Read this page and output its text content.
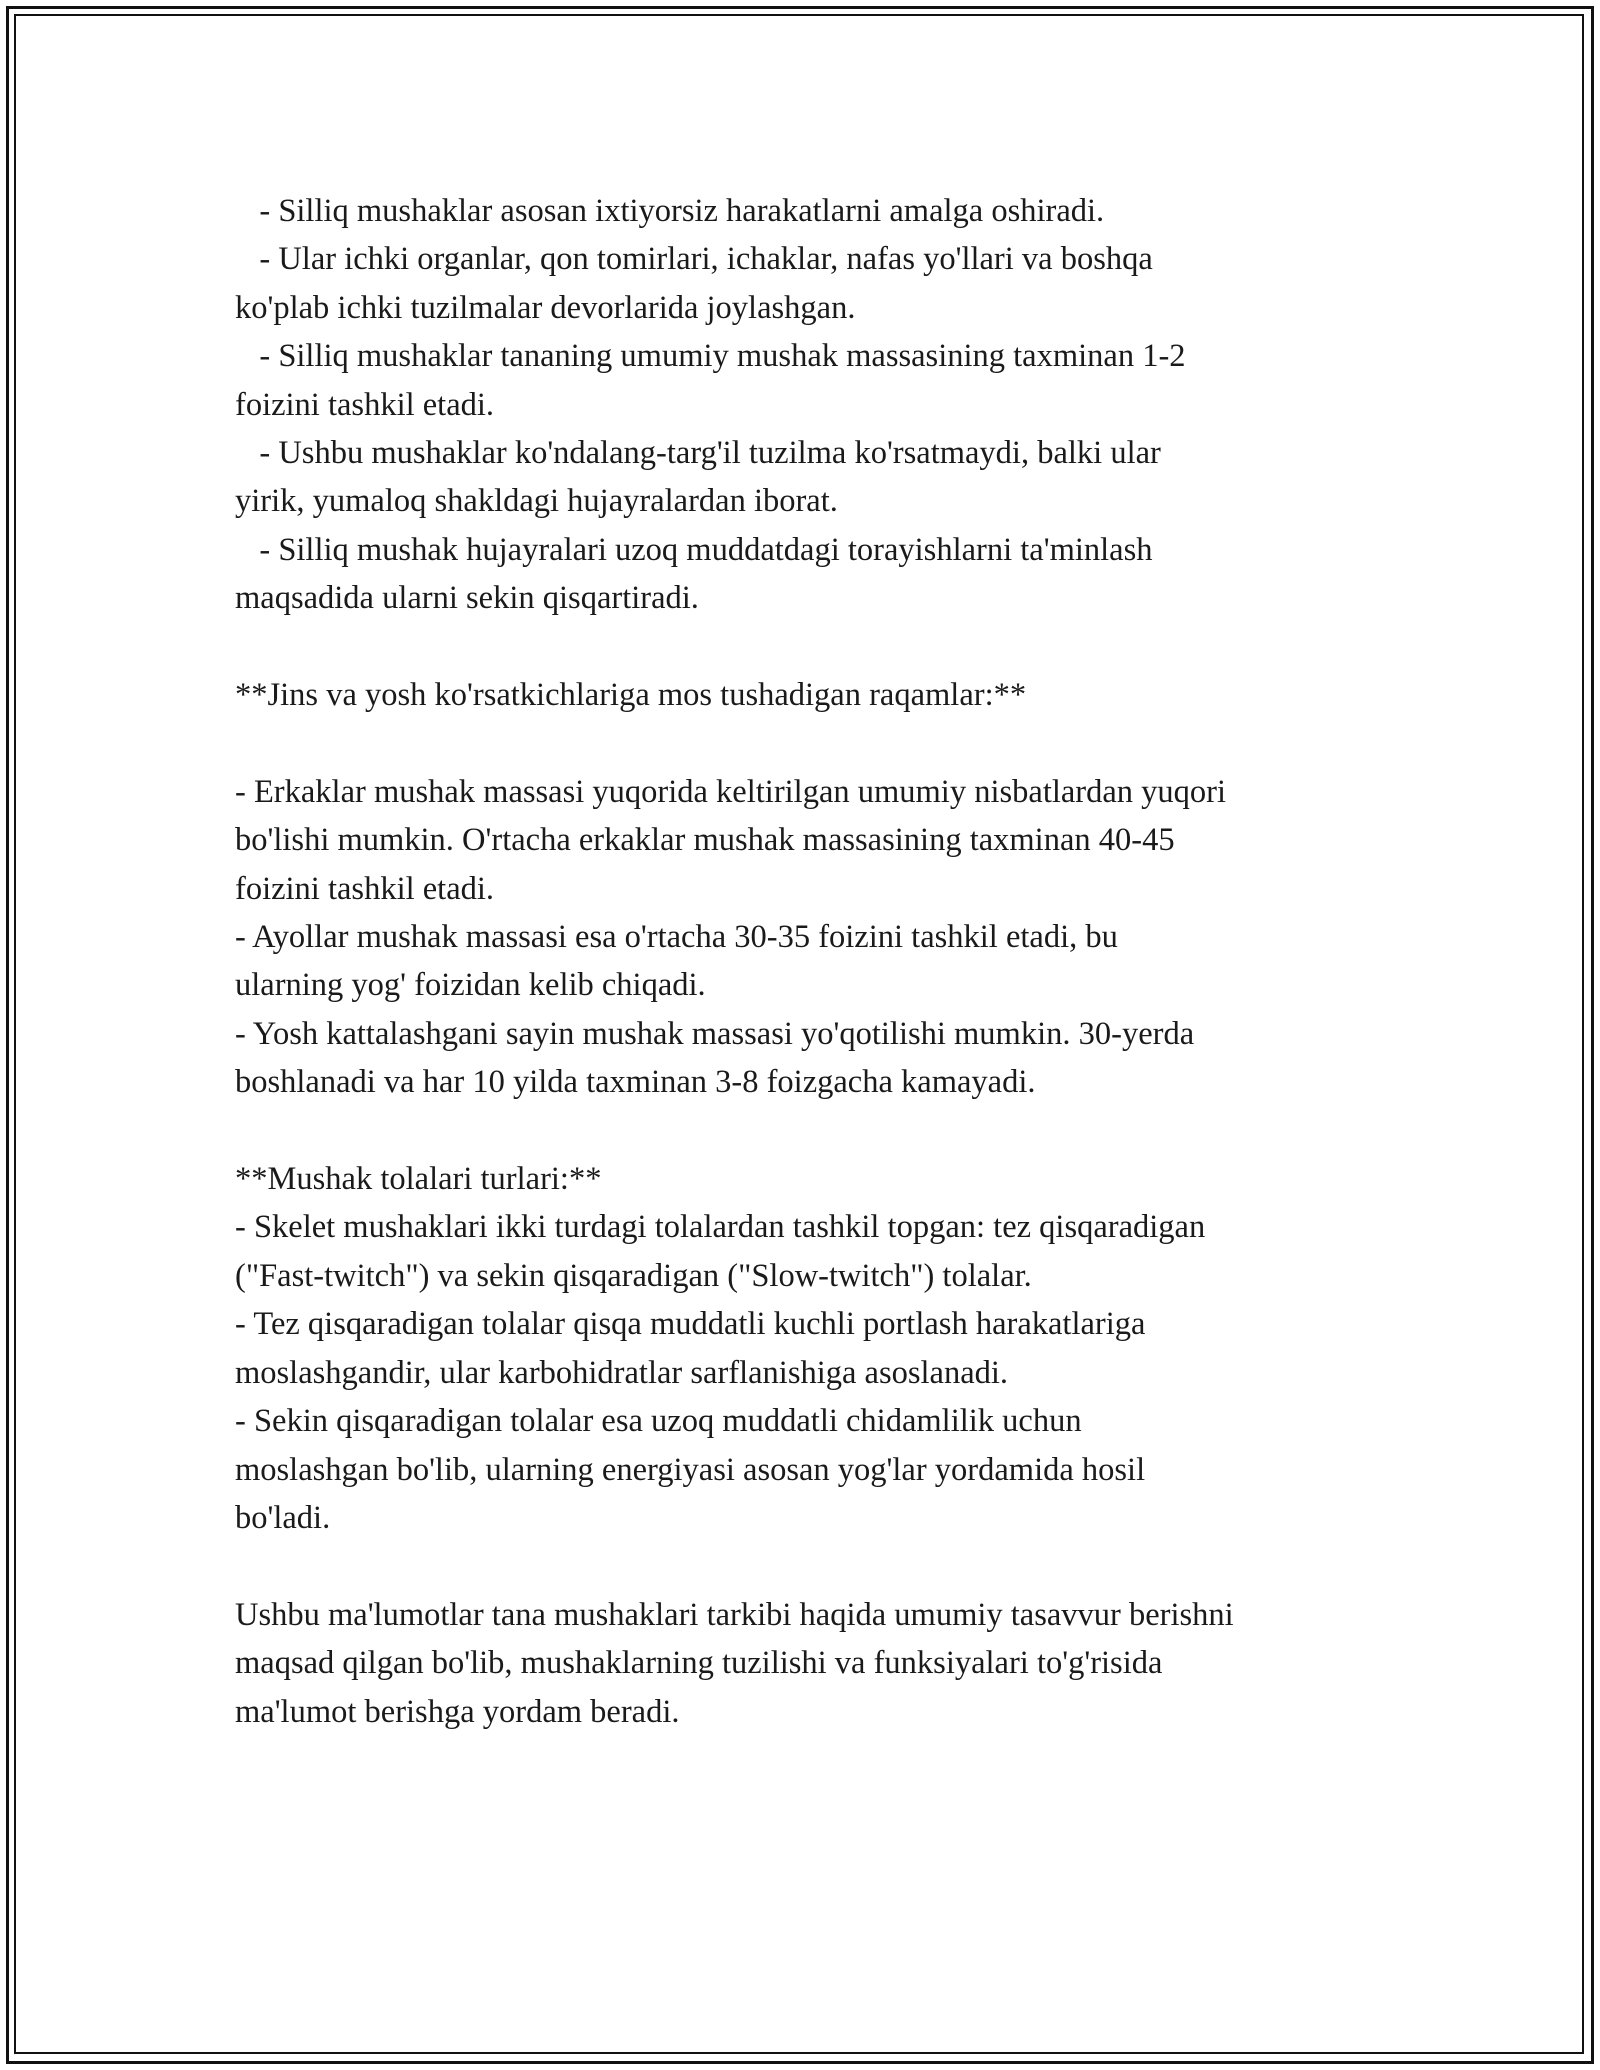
- Silliq mushaklar asosan ixtiyorsiz harakatlarni amalga oshiradi.
- Ular ichki organlar, qon tomirlari, ichaklar, nafas yo'llari va boshqa
ko'plab ichki tuzilmalar devorlarida joylashgan.
- Silliq mushaklar tananing umumiy mushak massasining taxminan 1-2
foizini tashkil etadi.
- Ushbu mushaklar ko'ndalang-targ'il tuzilma ko'rsatmaydi, balki ular
yirik, yumaloq shakldagi hujayralardan iborat.
- Silliq mushak hujayralari uzoq muddatdagi torayishlarni ta'minlash
maqsadida ularni sekin qisqartiradi.
**Jins va yosh ko'rsatkichlariga mos tushadigan raqamlar:**
- Erkaklar mushak massasi yuqorida keltirilgan umumiy nisbatlardan yuqori
bo'lishi mumkin. O'rtacha erkaklar mushak massasining taxminan 40-45
foizini tashkil etadi.
- Ayollar mushak massasi esa o'rtacha 30-35 foizini tashkil etadi, bu
ularning yog' foizidan kelib chiqadi.
- Yosh kattalashgani sayin mushak massasi yo'qotilishi mumkin. 30-yerda
boshlanadi va har 10 yilda taxminan 3-8 foizgacha kamayadi.
**Mushak tolalari turlari:**
- Skelet mushaklari ikki turdagi tolalardan tashkil topgan: tez qisqaradigan
("Fast-twitch") va sekin qisqaradigan ("Slow-twitch") tolalar.
- Tez qisqaradigan tolalar qisqa muddatli kuchli portlash harakatlariga
moslashgandir, ular karbohidratlar sarflanishiga asoslanadi.
- Sekin qisqaradigan tolalar esa uzoq muddatli chidamlilik uchun
moslashgan bo'lib, ularning energiyasi asosan yog'lar yordamida hosil
bo'ladi.
Ushbu ma'lumotlar tana mushaklari tarkibi haqida umumiy tasavvur berishni
maqsad qilgan bo'lib, mushaklarning tuzilishi va funksiyalari to'g'risida
ma'lumot berishga yordam beradi.
